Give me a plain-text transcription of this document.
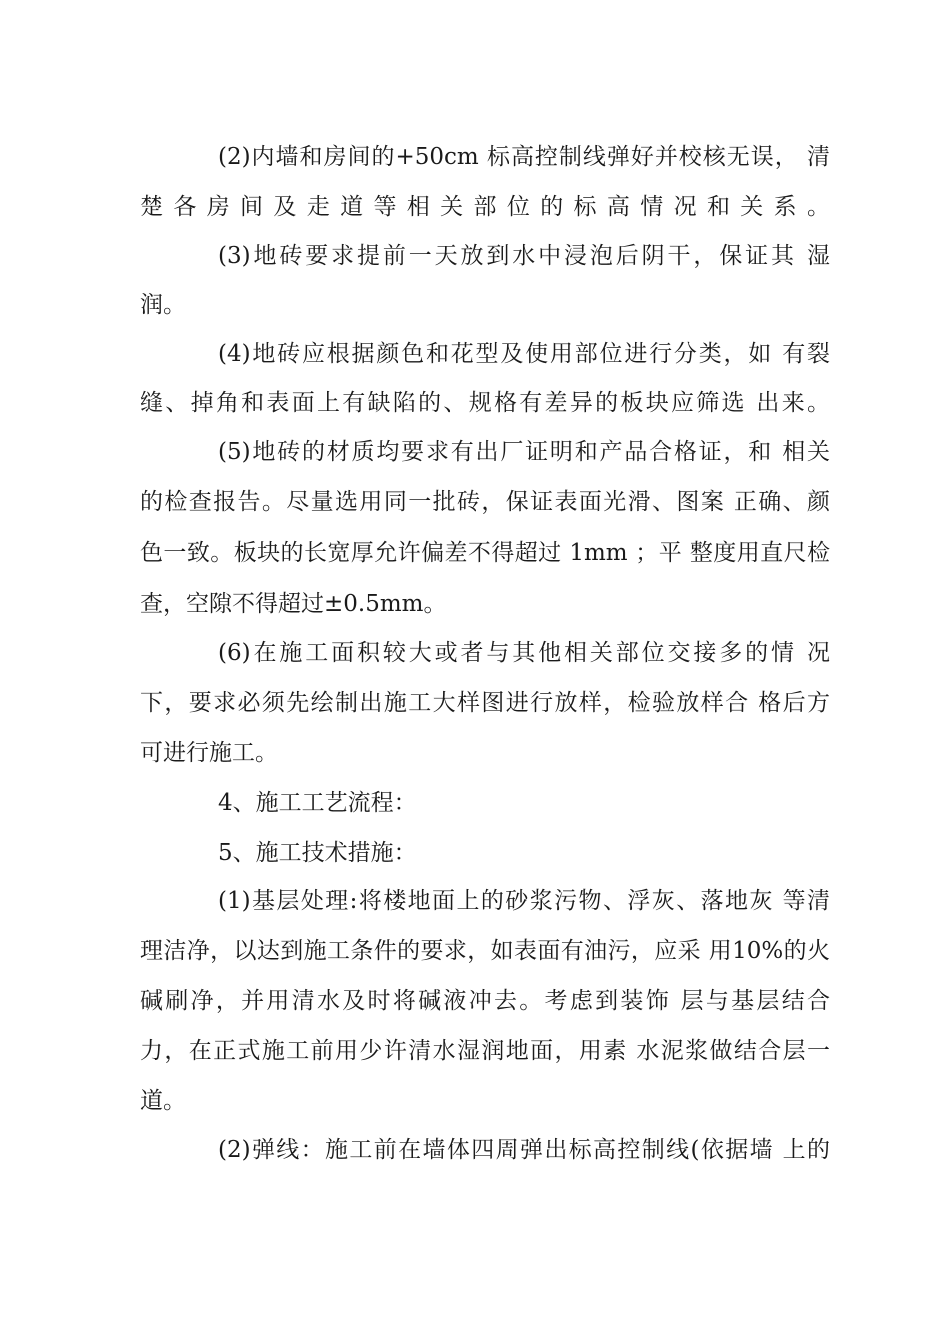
(2)内墙和房间的+50cm 标高控制线弹好并校核无误， 清
楚各房间及走道等相关部位的标高情况和关系。
(3)地砖要求提前一天放到水中浸泡后阴干，保证其 湿
润。
(4)地砖应根据颜色和花型及使用部位进行分类，如 有裂
缝、掉角和表面上有缺陷的、规格有差异的板块应筛选 出来。
(5)地砖的材质均要求有出厂证明和产品合格证，和 相关
的检查报告。尽量选用同一批砖，保证表面光滑、图案 正确、颜
色一致。板块的长宽厚允许偏差不得超过 1mm ；平 整度用直尺检
查，空隙不得超过±0.5mm。
(6)在施工面积较大或者与其他相关部位交接多的情 况
下，要求必须先绘制出施工大样图进行放样，检验放样合 格后方
可进行施工。
4、施工工艺流程：
5、施工技术措施：
(1)基层处理:将楼地面上的砂浆污物、浮灰、落地灰 等清
理洁净，以达到施工条件的要求，如表面有油污，应采 用10%的火
碱刷净，并用清水及时将碱液冲去。考虑到装饰 层与基层结合
力，在正式施工前用少许清水湿润地面，用素 水泥浆做结合层一
道。
(2)弹线：施工前在墙体四周弹出标高控制线(依据墙 上的
